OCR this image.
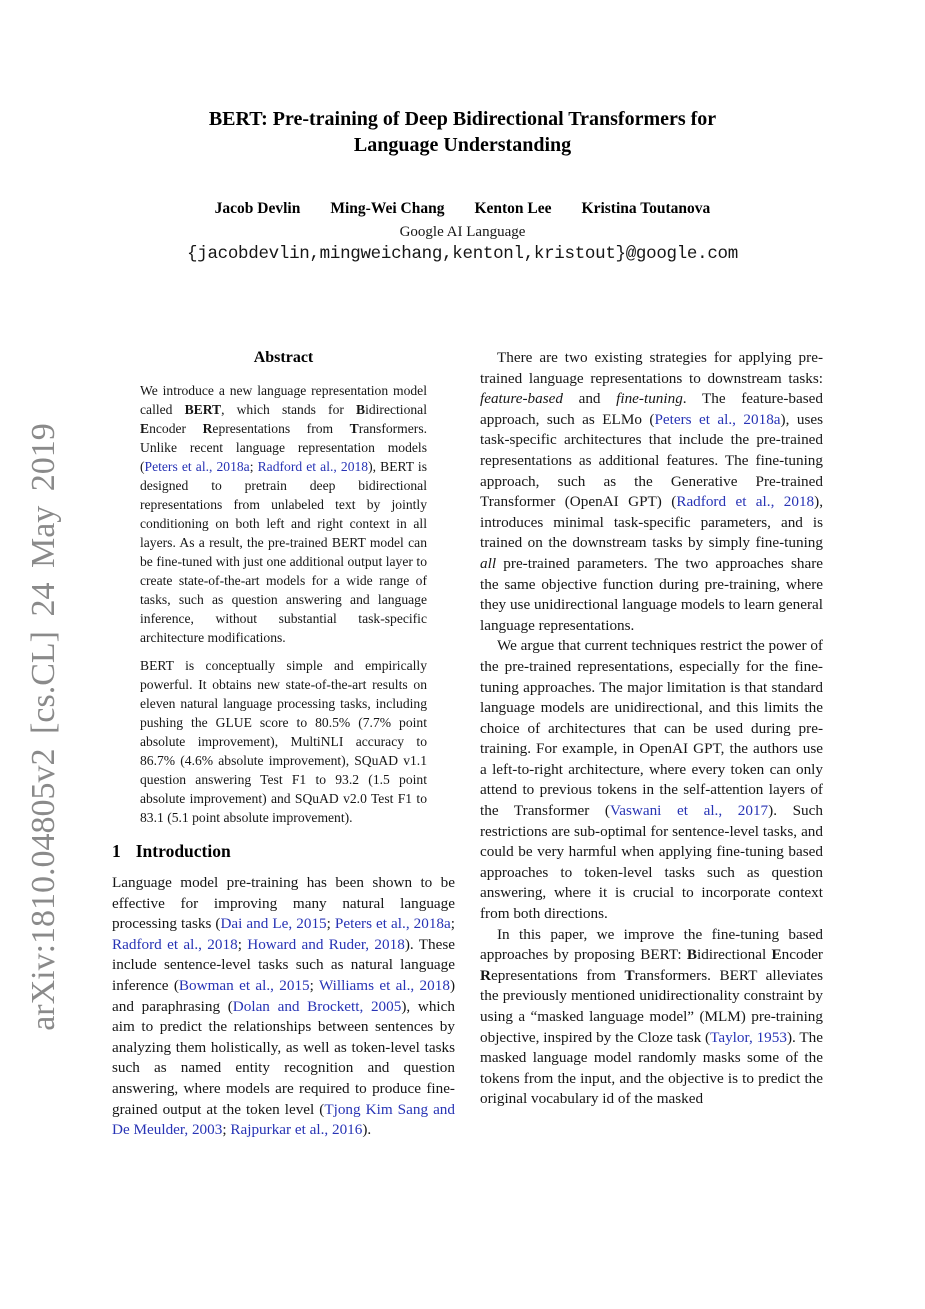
arXiv:1810.04805v2 [cs.CL] 24 May 2019
BERT: Pre-training of Deep Bidirectional Transformers for
Language Understanding
Jacob Devlin Ming-Wei Chang Kenton Lee Kristina Toutanova
Google AI Language
{jacobdevlin,mingweichang,kentonl,kristout}@google.com
Abstract

We introduce a new language representation model called BERT, which stands for Bidirectional Encoder Representations from Transformers. Unlike recent language representation models (Peters et al., 2018a; Radford et al., 2018), BERT is designed to pretrain deep bidirectional representations from unlabeled text by jointly conditioning on both left and right context in all layers. As a result, the pre-trained BERT model can be fine-tuned with just one additional output layer to create state-of-the-art models for a wide range of tasks, such as question answering and language inference, without substantial task-specific architecture modifications.

BERT is conceptually simple and empirically powerful. It obtains new state-of-the-art results on eleven natural language processing tasks, including pushing the GLUE score to 80.5% (7.7% point absolute improvement), MultiNLI accuracy to 86.7% (4.6% absolute improvement), SQuAD v1.1 question answering Test F1 to 93.2 (1.5 point absolute improvement) and SQuAD v2.0 Test F1 to 83.1 (5.1 point absolute improvement).

1 Introduction

Language model pre-training has been shown to be effective for improving many natural language processing tasks (Dai and Le, 2015; Peters et al., 2018a; Radford et al., 2018; Howard and Ruder, 2018). These include sentence-level tasks such as natural language inference (Bowman et al., 2015; Williams et al., 2018) and paraphrasing (Dolan and Brockett, 2005), which aim to predict the relationships between sentences by analyzing them holistically, as well as token-level tasks such as named entity recognition and question answering, where models are required to produce fine-grained output at the token level (Tjong Kim Sang and De Meulder, 2003; Rajpurkar et al., 2016).

There are two existing strategies for applying pre-trained language representations to downstream tasks: feature-based and fine-tuning. The feature-based approach, such as ELMo (Peters et al., 2018a), uses task-specific architectures that include the pre-trained representations as additional features. The fine-tuning approach, such as the Generative Pre-trained Transformer (OpenAI GPT) (Radford et al., 2018), introduces minimal task-specific parameters, and is trained on the downstream tasks by simply fine-tuning all pre-trained parameters. The two approaches share the same objective function during pre-training, where they use unidirectional language models to learn general language representations.

We argue that current techniques restrict the power of the pre-trained representations, especially for the fine-tuning approaches. The major limitation is that standard language models are unidirectional, and this limits the choice of architectures that can be used during pre-training. For example, in OpenAI GPT, the authors use a left-to-right architecture, where every token can only attend to previous tokens in the self-attention layers of the Transformer (Vaswani et al., 2017). Such restrictions are sub-optimal for sentence-level tasks, and could be very harmful when applying fine-tuning based approaches to token-level tasks such as question answering, where it is crucial to incorporate context from both directions.

In this paper, we improve the fine-tuning based approaches by proposing BERT: Bidirectional Encoder Representations from Transformers. BERT alleviates the previously mentioned unidirectionality constraint by using a “masked language model” (MLM) pre-training objective, inspired by the Cloze task (Taylor, 1953). The masked language model randomly masks some of the tokens from the input, and the objective is to predict the original vocabulary id of the masked
